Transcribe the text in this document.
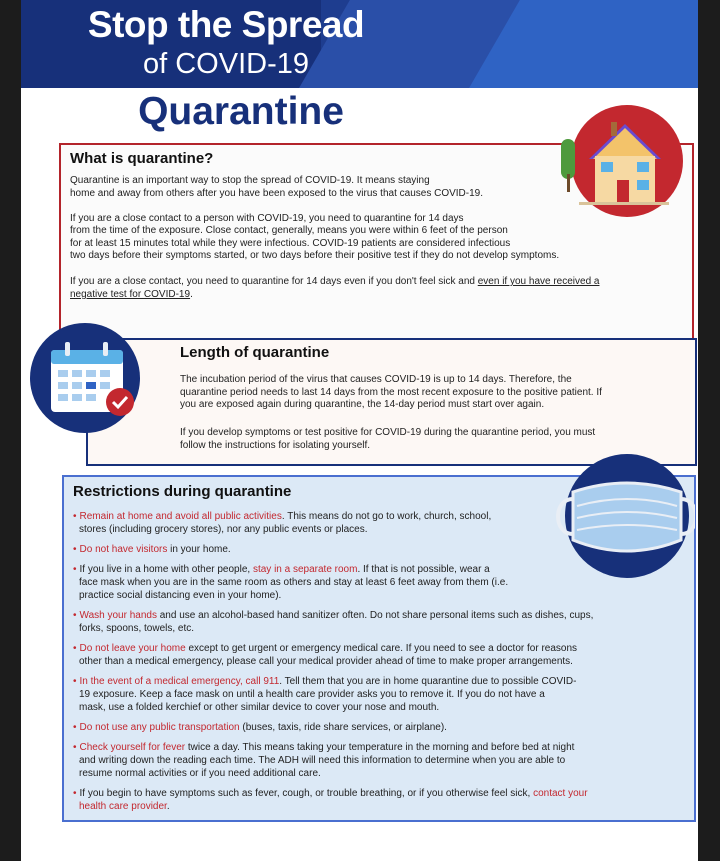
Stop the Spread
of COVID-19
Quarantine
What is quarantine?
Quarantine is an important way to stop the spread of COVID-19. It means staying
home and away from others after you have been exposed to the virus that causes COVID-19.
If you are a close contact to a person with COVID-19, you need to quarantine for 14 days
from the time of the exposure. Close contact, generally, means you were within 6 feet of the person
for at least 15 minutes total while they were infectious. COVID-19 patients are considered infectious
two days before their symptoms started, or two days before their positive test if they do not develop symptoms.
If you are a close contact, you need to quarantine for 14 days even if you don't feel sick and even if you have received a
negative test for COVID-19.
Length of quarantine
The incubation period of the virus that causes COVID-19 is up to 14 days. Therefore, the
quarantine period needs to last 14 days from the most recent exposure to the positive patient. If
you are exposed again during quarantine, the 14-day period must start over again.
If you develop symptoms or test positive for COVID-19 during the quarantine period, you must
follow the instructions for isolating yourself.
Restrictions during quarantine
• Remain at home and avoid all public activities. This means do not go to work, church, school,
stores (including grocery stores), nor any public events or places.
• Do not have visitors in your home.
• If you live in a home with other people, stay in a separate room. If that is not possible, wear a
face mask when you are in the same room as others and stay at least 6 feet away from them (i.e.
practice social distancing even in your home).
• Wash your hands and use an alcohol-based hand sanitizer often. Do not share personal items such as dishes, cups,
forks, spoons, towels, etc.
• Do not leave your home except to get urgent or emergency medical care. If you need to see a doctor for reasons
other than a medical emergency, please call your medical provider ahead of time to make proper arrangements.
• In the event of a medical emergency, call 911. Tell them that you are in home quarantine due to possible COVID-
19 exposure. Keep a face mask on until a health care provider asks you to remove it. If you do not have a
mask, use a folded kerchief or other similar device to cover your nose and mouth.
• Do not use any public transportation (buses, taxis, ride share services, or airplane).
• Check yourself for fever twice a day. This means taking your temperature in the morning and before bed at night
and writing down the reading each time. The ADH will need this information to determine when you are able to
resume normal activities or if you need additional care.
• If you begin to have symptoms such as fever, cough, or trouble breathing, or if you otherwise feel sick, contact your
health care provider.
